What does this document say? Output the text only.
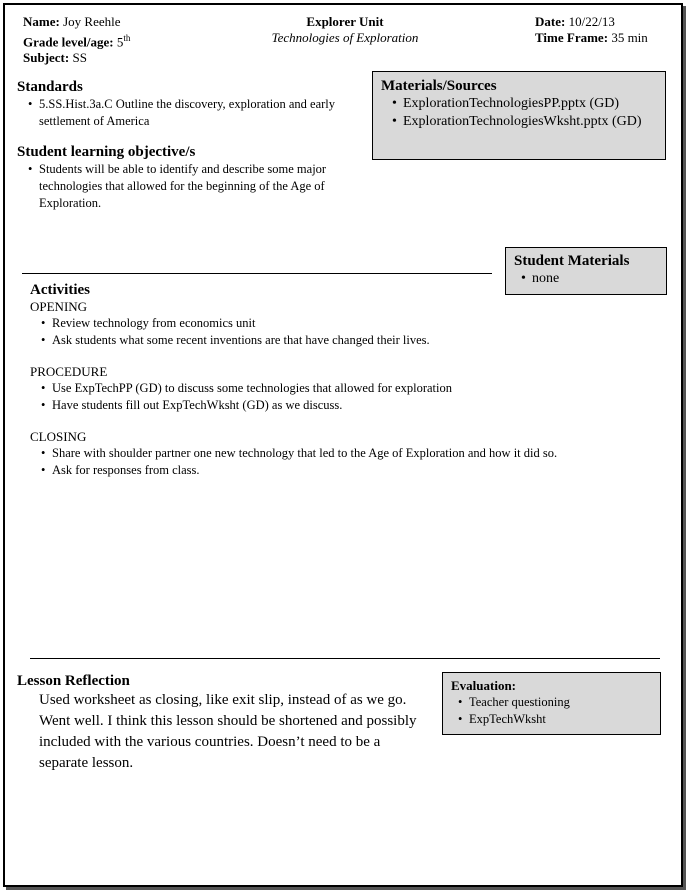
Name: Joy Reehle
Grade level/age: 5th
Subject: SS
Explorer Unit
Technologies of Exploration
Date: 10/22/13
Time Frame: 35 min
Standards
• 5.SS.Hist.3a.C Outline the discovery, exploration and early settlement of America
Student learning objective/s
• Students will be able to identify and describe some major technologies that allowed for the beginning of the Age of Exploration.
Materials/Sources
• ExplorationTechnologiesPP.pptx (GD)
• ExplorationTechnologiesWksht.pptx (GD)
Student Materials
• none
Activities
OPENING
• Review technology from economics unit
• Ask students what some recent inventions are that have changed their lives.
PROCEDURE
• Use ExpTechPP (GD) to discuss some technologies that allowed for exploration
• Have students fill out ExpTechWksht (GD) as we discuss.
CLOSING
• Share with shoulder partner one new technology that led to the Age of Exploration and how it did so.
• Ask for responses from class.
Lesson Reflection
Used worksheet as closing, like exit slip, instead of as we go. Went well. I think this lesson should be shortened and possibly included with the various countries. Doesn’t need to be a separate lesson.
Evaluation:
• Teacher questioning
• ExpTechWksht
